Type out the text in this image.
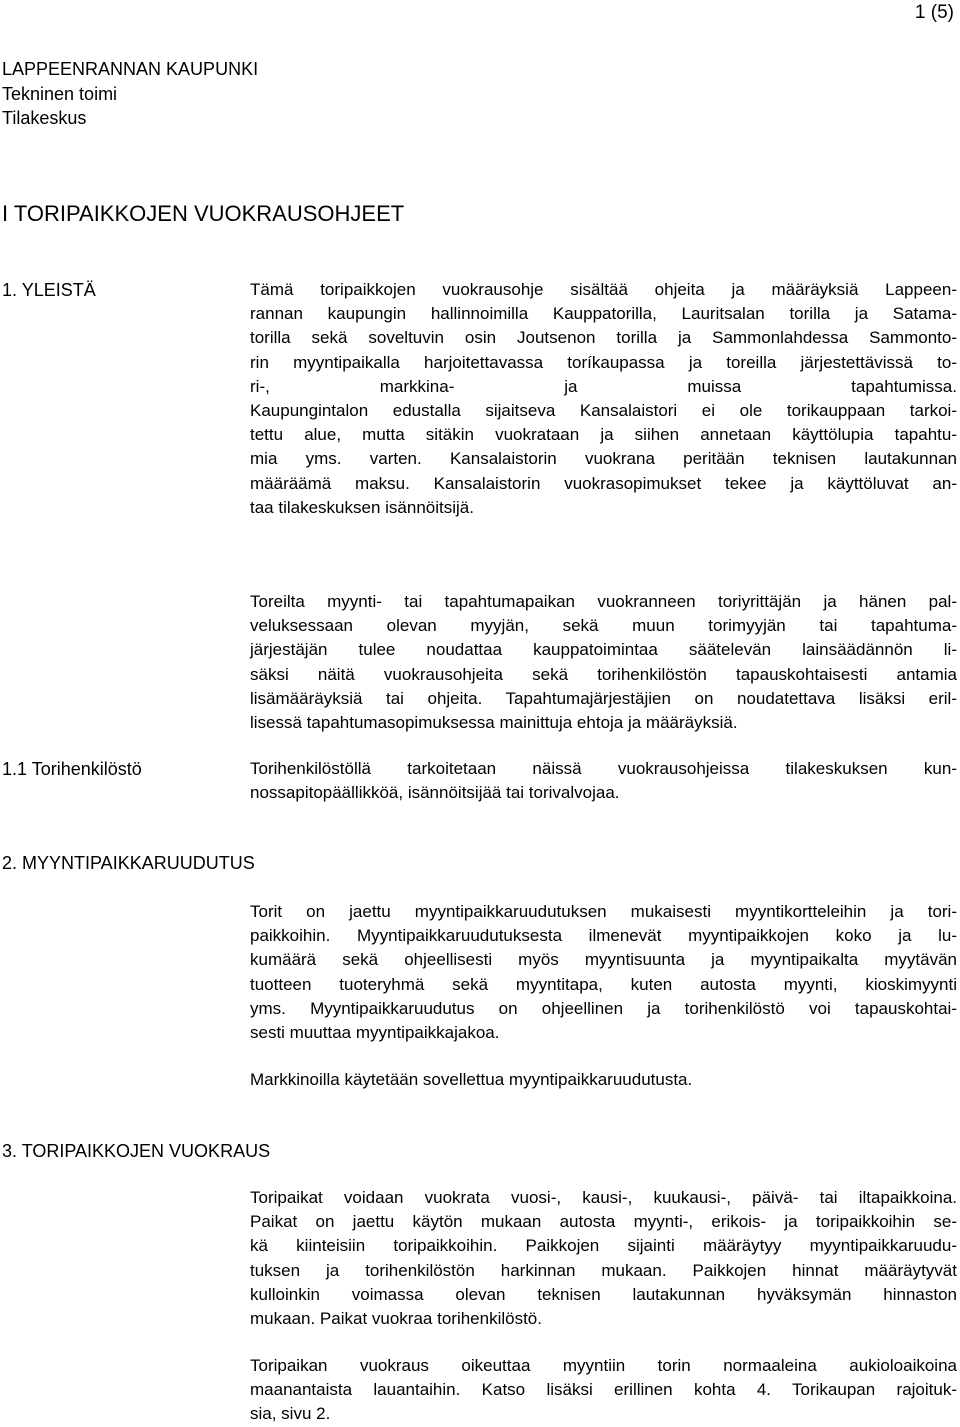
1 (5)
LAPPEENRANNAN KAUPUNKI
Tekninen toimi
Tilakeskus
I TORIPAIKKOJEN VUOKRAUSOHJEET
1. YLEISTÄ	Tämä toripaikkojen vuokrausohje sisältää ohjeita ja määräyksiä Lappeen-
rannan kaupungin hallinnoimilla Kauppatorilla, Lauritsalan torilla ja Satama-
torilla sekä soveltuvin osin Joutsenon torilla ja Sammonlahdessa Sammonto-
rin myyntipaikalla harjoitettavassa toríkaupassa ja toreilla järjestettävissä to-
ri-, markkina- ja muissa tapahtumissa.
Kaupungintalon edustalla sijaitseva Kansalaistori ei ole torikauppaan tarkoi-
tettu alue, mutta sitäkin vuokrataan ja siihen annetaan käyttölupia tapahtu-
mia yms. varten. Kansalaistorin vuokrana peritään teknisen lautakunnan
määräämä maksu. Kansalaistorin vuokrasopimukset tekee ja käyttöluvat an-
taa tilakeskuksen isännöitsijä.
Toreilta myynti- tai tapahtumapaikan vuokranneen toriyrittäjän ja hänen pal-
veluksessaan olevan myyjän, sekä muun torimyyjän tai tapahtuma-
järjestäjän tulee noudattaa kauppatoimintaa säätelevän lainsäädännön li-
säksi näitä vuokrausohjeita sekä torihenkilöstön tapauskohtaisesti antamia
lisämääräyksiä tai ohjeita. Tapahtumajärjestäjien on noudatettava lisäksi eril-
lisessä tapahtumasopimuksessa mainittuja ehtoja ja määräyksiä.
1.1 Torihenkilöstö	Torihenkilöstöllä tarkoitetaan näissä vuokrausohjeissa tilakeskuksen kun-
nossapitopäällikköä, isännöitsijää tai torivalvojaa.
2. MYYNTIPAIKKARUUDUTUS
Torit on jaettu myyntipaikkaruudutuksen mukaisesti myyntikortteleihin ja tori-
paikkoihin. Myyntipaikkaruudutuksesta ilmenevät myyntipaikkojen koko ja lu-
kumäärä sekä ohjeellisesti myös myyntisuunta ja myyntipaikalta myytävän
tuotteen tuoteryhmä sekä myyntitapa, kuten autosta myynti, kioskimyynti
yms. Myyntipaikkaruudutus on ohjeellinen ja torihenkilöstö voi tapauskohtai-
sesti muuttaa myyntipaikkajakoa.
Markkinoilla käytetään sovellettua myyntipaikkaruudutusta.
3. TORIPAIKKOJEN VUOKRAUS
Toripaikat voidaan vuokrata vuosi-, kausi-, kuukausi-, päivä- tai iltapaikkoina.
Paikat on jaettu käytön mukaan autosta myynti-, erikois- ja toripaikkoihin se-
kä kiinteisiin toripaikkoihin. Paikkojen sijainti määräytyy myyntipaikkaruudu-
tuksen ja torihenkilöstön harkinnan mukaan. Paikkojen hinnat määräytyvät
kulloinkin voimassa olevan teknisen lautakunnan hyväksymän hinnaston
mukaan. Paikat vuokraa torihenkilöstö.
Toripaikan vuokraus oikeuttaa myyntiin torin normaaleina aukioloaikoina
maanantaista lauantaihin. Katso lisäksi erillinen kohta 4. Torikaupan rajoituk-
sia, sivu 2.
